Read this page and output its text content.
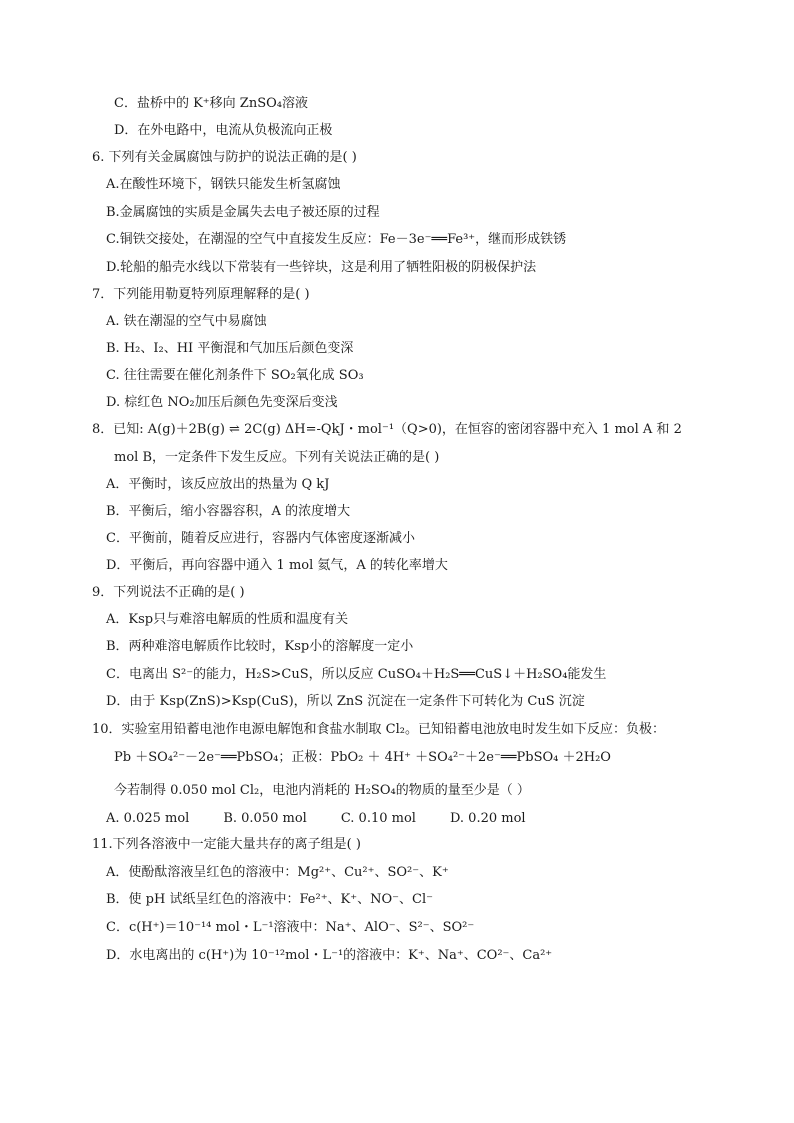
C．盐桥中的 K⁺移向 ZnSO₄溶液
D．在外电路中，电流从负极流向正极
6. 下列有关金属腐蚀与防护的说法正确的是( )
A.在酸性环境下，钢铁只能发生析氢腐蚀
B.金属腐蚀的实质是金属失去电子被还原的过程
C.铜铁交接处，在潮湿的空气中直接发生反应：Fe－3e⁻══Fe³⁺，继而形成铁锈
D.轮船的船壳水线以下常装有一些锌块，这是利用了牺牲阳极的阴极保护法
7．下列能用勒夏特列原理解释的是( )
A. 铁在潮湿的空气中易腐蚀
B. H₂、I₂、HI 平衡混和气加压后颜色变深
C. 往往需要在催化剂条件下 SO₂氧化成 SO₃
D. 棕红色 NO₂加压后颜色先变深后变浅
8．已知: A(g)＋2B(g) ⇌ 2C(g) ΔH=-QkJ・mol⁻¹（Q>0)，在恒容的密闭容器中充入 1 mol A 和 2
mol B，一定条件下发生反应。下列有关说法正确的是( )
A．平衡时，该反应放出的热量为 Q kJ
B．平衡后，缩小容器容积，A 的浓度增大
C．平衡前，随着反应进行，容器内气体密度逐渐减小
D．平衡后，再向容器中通入 1 mol 氦气，A 的转化率增大
9．下列说法不正确的是( )
A．Ksp只与难溶电解质的性质和温度有关
B．两种难溶电解质作比较时，Ksp小的溶解度一定小
C．电离出 S²⁻的能力，H₂S>CuS，所以反应 CuSO₄＋H₂S══CuS↓＋H₂SO₄能发生
D．由于 Ksp(ZnS)>Ksp(CuS)，所以 ZnS 沉淀在一定条件下可转化为 CuS 沉淀
10．实验室用铅蓄电池作电源电解饱和食盐水制取 Cl₂。已知铅蓄电池放电时发生如下反应：负极：
Pb ＋SO₄²⁻－2e⁻══PbSO₄；正极：PbO₂ ＋ 4H⁺ ＋SO₄²⁻＋2e⁻══PbSO₄ ＋2H₂O
今若制得 0.050 mol Cl₂，电池内消耗的 H₂SO₄的物质的量至少是（ ）
A. 0.025 mol	B. 0.050 mol	C. 0.10 mol	D. 0.20 mol
11.下列各溶液中一定能大量共存的离子组是( )
A．使酚酞溶液呈红色的溶液中：Mg²⁺、Cu²⁺、SO²⁻、K⁺
B．使 pH 试纸呈红色的溶液中：Fe²⁺、K⁺、NO⁻、Cl⁻
C．c(H⁺)＝10⁻¹⁴ mol・L⁻¹溶液中：Na⁺、AlO⁻、S²⁻、SO²⁻
D．水电离出的 c(H⁺)为 10⁻¹²mol・L⁻¹的溶液中：K⁺、Na⁺、CO²⁻、Ca²⁺
